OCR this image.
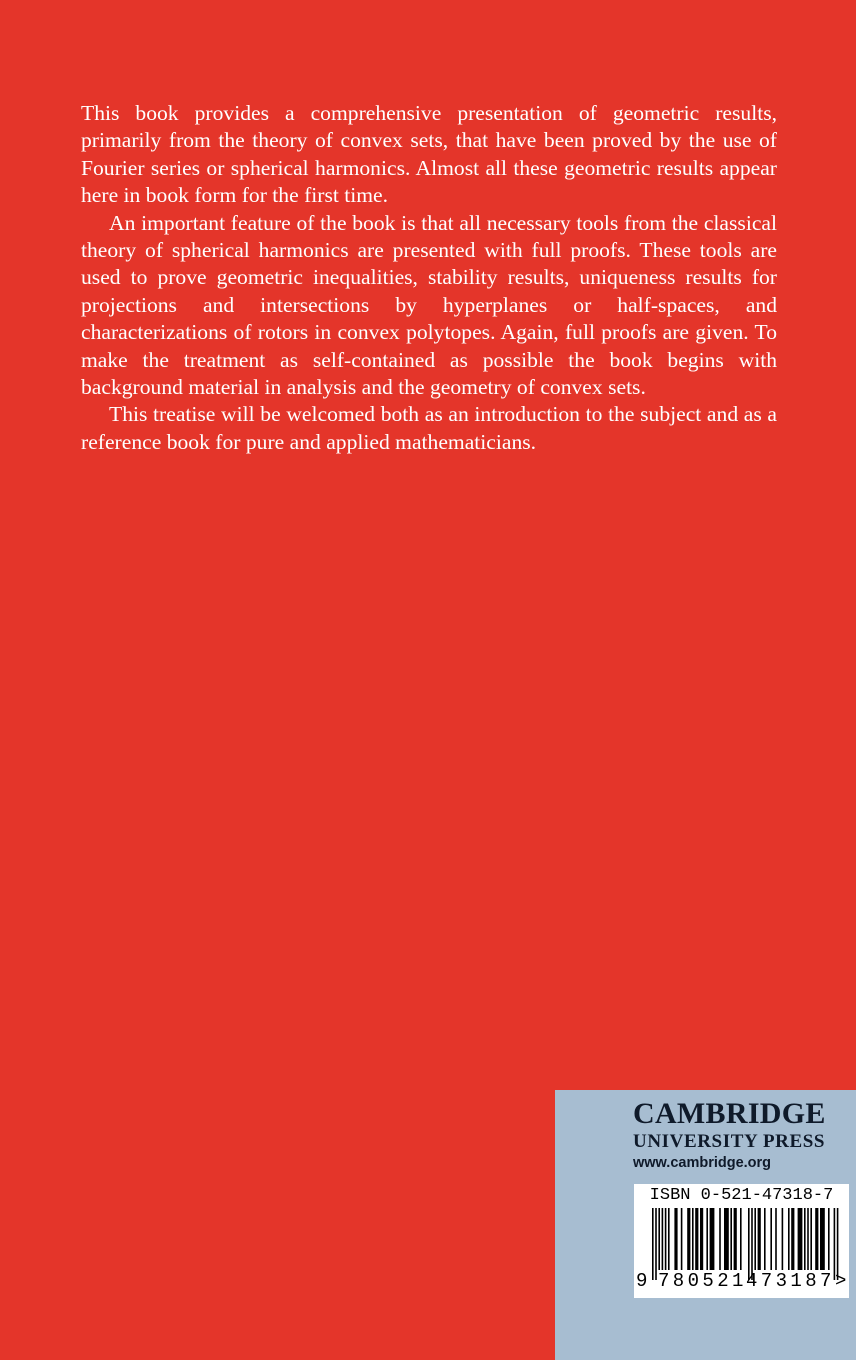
This book provides a comprehensive presentation of geometric results, primarily from the theory of convex sets, that have been proved by the use of Fourier series or spherical harmonics. Almost all these geometric results appear here in book form for the first time.

An important feature of the book is that all necessary tools from the classical theory of spherical harmonics are presented with full proofs. These tools are used to prove geometric inequalities, stability results, uniqueness results for projections and intersections by hyperplanes or half-spaces, and characterizations of rotors in convex polytopes. Again, full proofs are given. To make the treatment as self-contained as possible the book begins with background material in analysis and the geometry of convex sets.

This treatise will be welcomed both as an introduction to the subject and as a reference book for pure and applied mathematicians.

CAMBRIDGE
UNIVERSITY PRESS
www.cambridge.org
ISBN 0-521-47318-7
9 780521 473187 >
